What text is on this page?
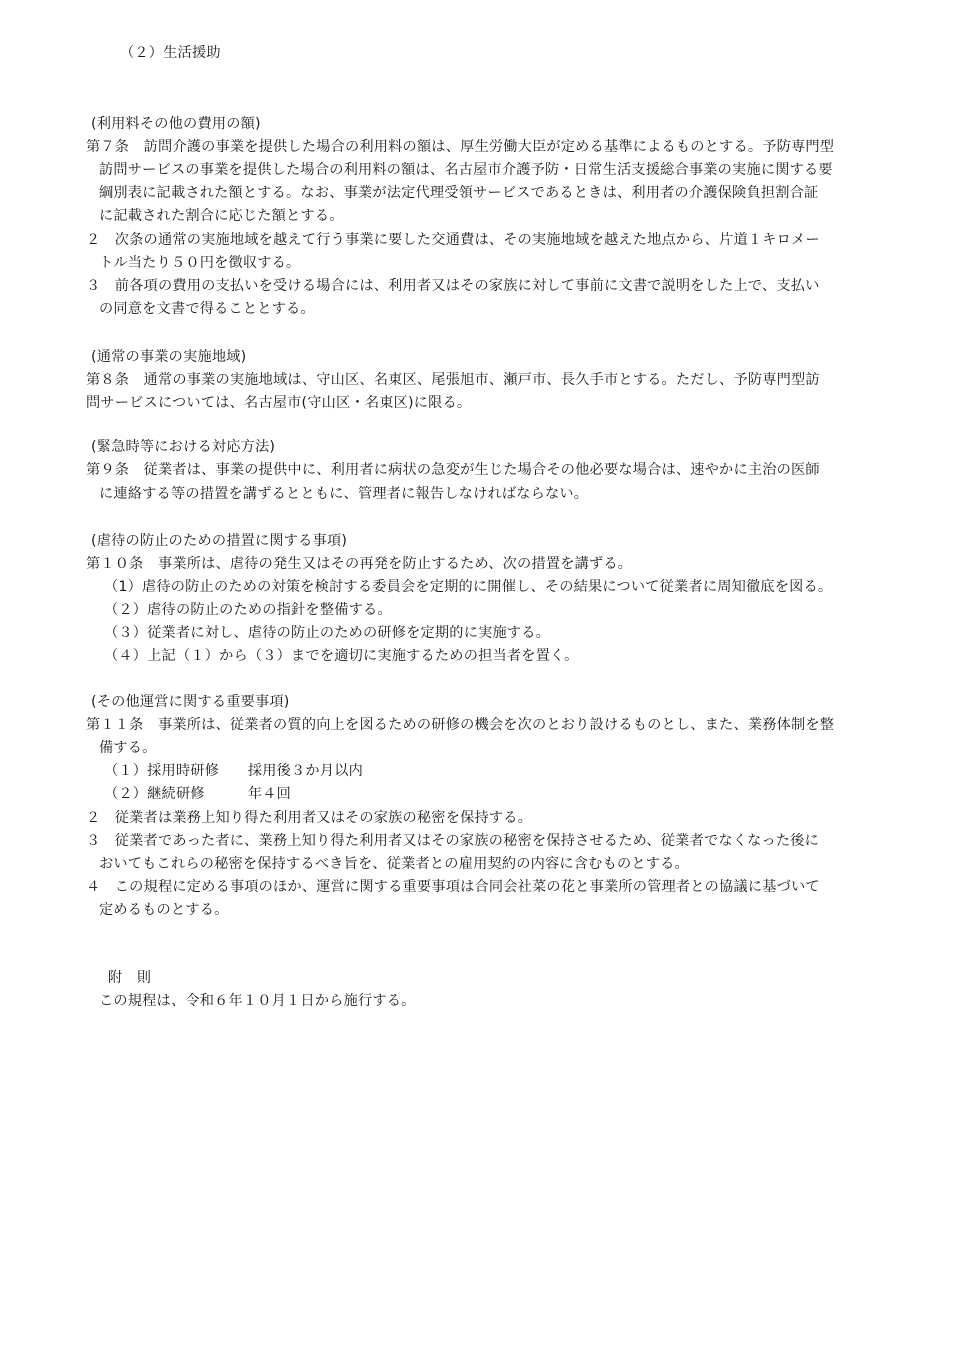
（２）生活援助
(利用料その他の費用の額)
第７条　訪問介護の事業を提供した場合の利用料の額は、厚生労働大臣が定める基準によるものとする。予防専門型
訪問サービスの事業を提供した場合の利用料の額は、名古屋市介護予防・日常生活支援総合事業の実施に関する要
綱別表に記載された額とする。なお、事業が法定代理受領サービスであるときは、利用者の介護保険負担割合証
に記載された割合に応じた額とする。
２　次条の通常の実施地域を越えて行う事業に要した交通費は、その実施地域を越えた地点から、片道１キロメー
トル当たり５０円を徴収する。
３　前各項の費用の支払いを受ける場合には、利用者又はその家族に対して事前に文書で説明をした上で、支払い
の同意を文書で得ることとする。
(通常の事業の実施地域)
第８条　通常の事業の実施地域は、守山区、名東区、尾張旭市、瀬戸市、長久手市とする。ただし、予防専門型訪
問サービスについては、名古屋市(守山区・名東区)に限る。
(緊急時等における対応方法)
第９条　従業者は、事業の提供中に、利用者に病状の急変が生じた場合その他必要な場合は、速やかに主治の医師
に連絡する等の措置を講ずるとともに、管理者に報告しなければならない。
(虐待の防止のための措置に関する事項)
第１０条　事業所は、虐待の発生又はその再発を防止するため、次の措置を講ずる。
（1）虐待の防止のための対策を検討する委員会を定期的に開催し、その結果について従業者に周知徹底を図る。
（２）虐待の防止のための指針を整備する。
（３）従業者に対し、虐待の防止のための研修を定期的に実施する。
（４）上記（１）から（３）までを適切に実施するための担当者を置く。
(その他運営に関する重要事項)
第１１条　事業所は、従業者の質的向上を図るための研修の機会を次のとおり設けるものとし、また、業務体制を整
備する。
（１）採用時研修　　採用後３か月以内
（２）継続研修　　　年４回
２　従業者は業務上知り得た利用者又はその家族の秘密を保持する。
３　従業者であった者に、業務上知り得た利用者又はその家族の秘密を保持させるため、従業者でなくなった後に
おいてもこれらの秘密を保持するべき旨を、従業者との雇用契約の内容に含むものとする。
４　この規程に定める事項のほか、運営に関する重要事項は合同会社菜の花と事業所の管理者との協議に基づいて
定めるものとする。
附　則
この規程は、令和６年１０月１日から施行する。
